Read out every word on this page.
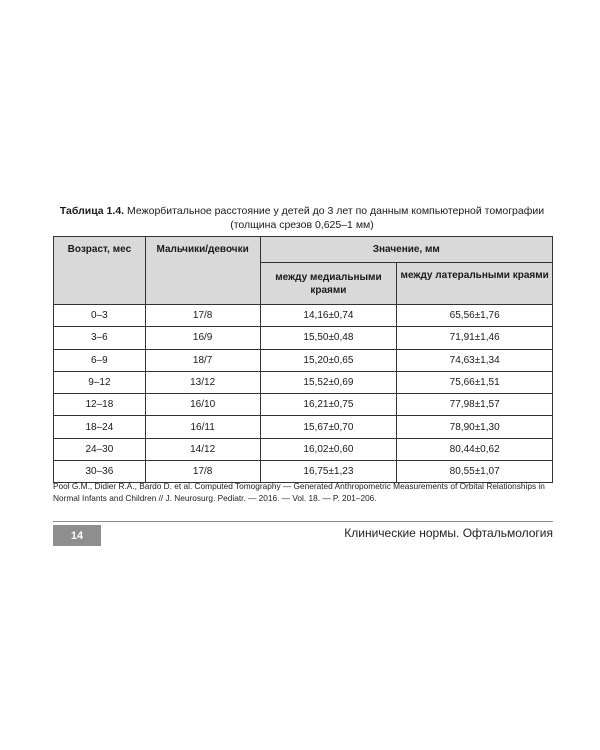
Таблица 1.4. Межорбитальное расстояние у детей до 3 лет по данным компьютерной томографии
(толщина срезов 0,625–1 мм)
Возраст, мес	Мальчики/девочки	Значение, мм	
		между медиальными краями	между латеральными краями
0–3	17/8	14,16±0,74	65,56±1,76
3–6	16/9	15,50±0,48	71,91±1,46
6–9	18/7	15,20±0,65	74,63±1,34
9–12	13/12	15,52±0,69	75,66±1,51
12–18	16/10	16,21±0,75	77,98±1,57
18–24	16/11	15,67±0,70	78,90±1,30
24–30	14/12	16,02±0,60	80,44±0,62
30–36	17/8	16,75±1,23	80,55±1,07
Pool G.M., Didier R.A., Bardo D. et al. Computed Tomography — Generated Anthropometric Measurements of Orbital Relationships in Normal Infants and Children // J. Neurosurg. Pediatr. — 2016. — Vol. 18. — P. 201–206.
14	Клинические нормы. Офтальмология
